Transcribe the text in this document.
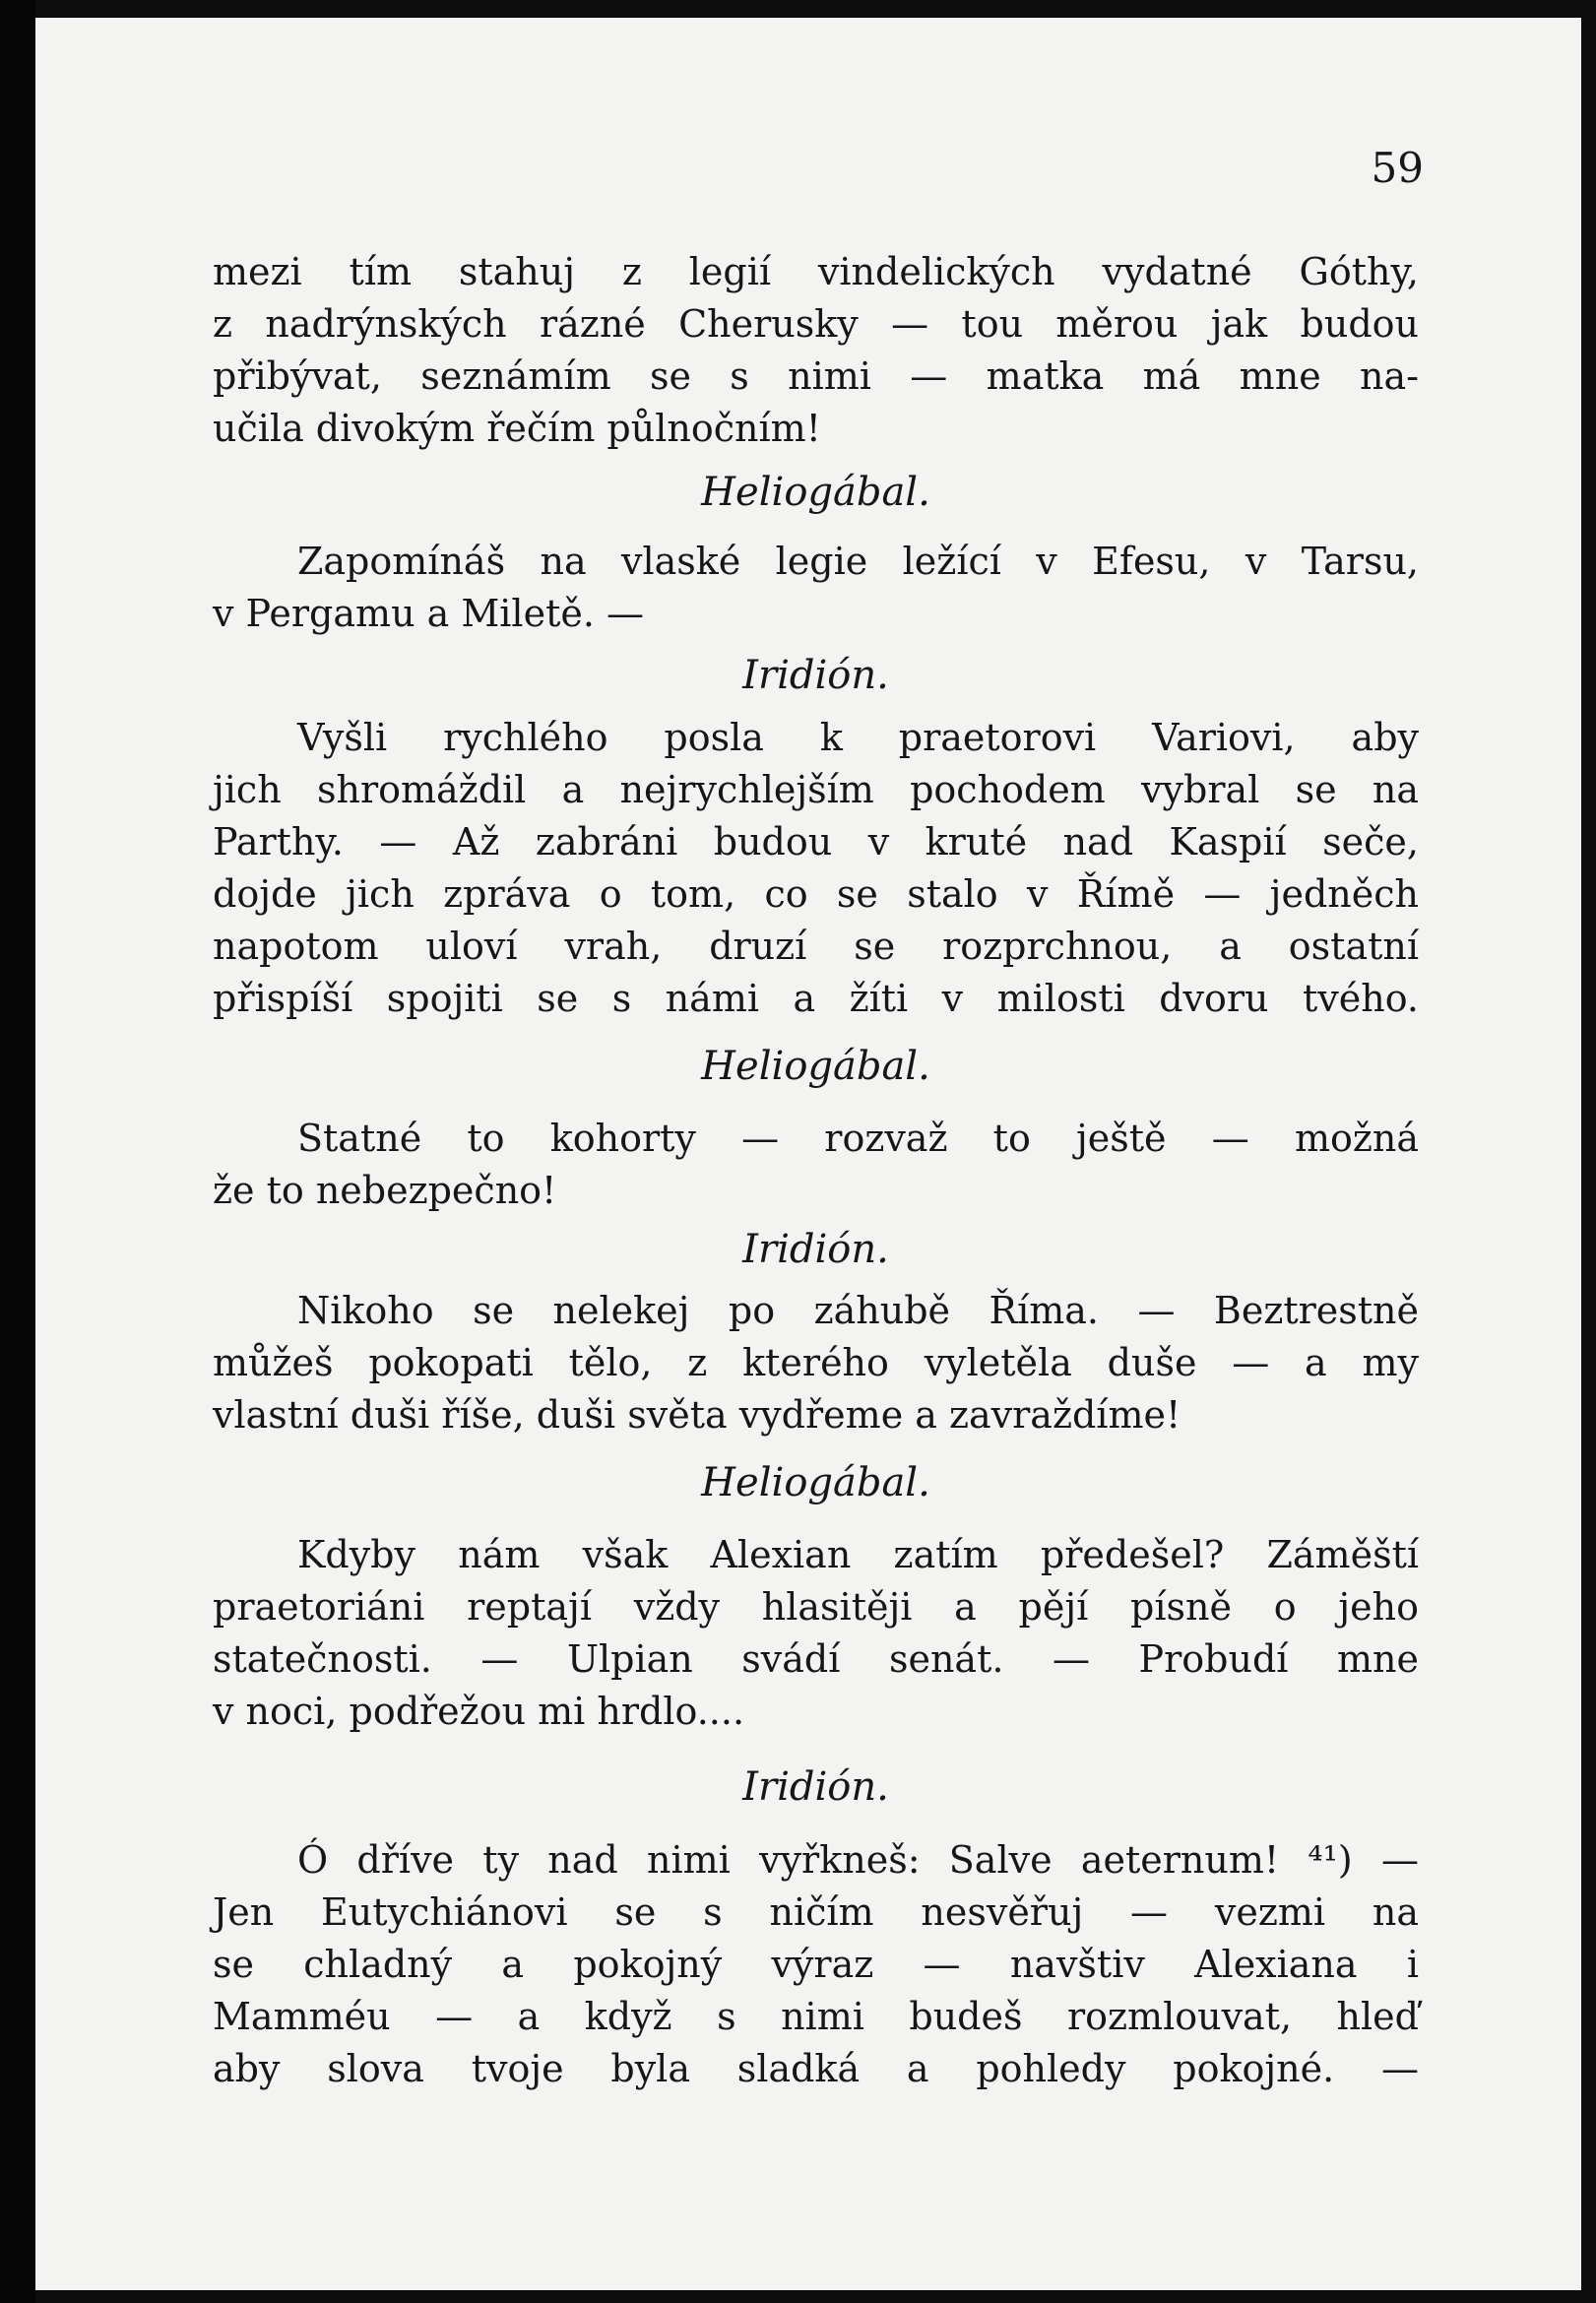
59
mezi tím stahuj z legií vindelických vydatné Góthy,
z nadrýnských rázné Cherusky — tou měrou jak budou
přibývat, seznámím se s nimi — matka má mne na-
učila divokým řečím půlnočním!
Heliogábal.
Zapomínáš na vlaské legie ležící v Efesu, v Tarsu,
v Pergamu a Miletě. —
Iridión.
Vyšli rychlého posla k praetorovi Variovi, aby
jich shromáždil a nejrychlejším pochodem vybral se na
Parthy. — Až zabráni budou v kruté nad Kaspií seče,
dojde jich zpráva o tom, co se stalo v Římě — jedněch
napotom uloví vrah, druzí se rozprchnou, a ostatní
přispíší spojiti se s námi a žíti v milosti dvoru tvého.
Heliogábal.
Statné to kohorty — rozvaž to ještě — možná
že to nebezpečno!
Iridión.
Nikoho se nelekej po záhubě Říma. — Beztrestně
můžeš pokopati tělo, z kterého vyletěla duše — a my
vlastní duši říše, duši světa vydřeme a zavraždíme!
Heliogábal.
Kdyby nám však Alexian zatím předešel? Záměští
praetoriáni reptají vždy hlasitěji a pějí písně o jeho
statečnosti. — Ulpian svádí senát. — Probudí mne
v noci, podřežou mi hrdlo....
Iridión.
Ó dříve ty nad nimi vyřkneš: Salve aeternum! ⁴¹) —
Jen Eutychiánovi se s ničím nesvěřuj — vezmi na
se chladný a pokojný výraz — navštiv Alexiana i
Mamméu — a když s nimi budeš rozmlouvat, hleď
aby slova tvoje byla sladká a pohledy pokojné. —
